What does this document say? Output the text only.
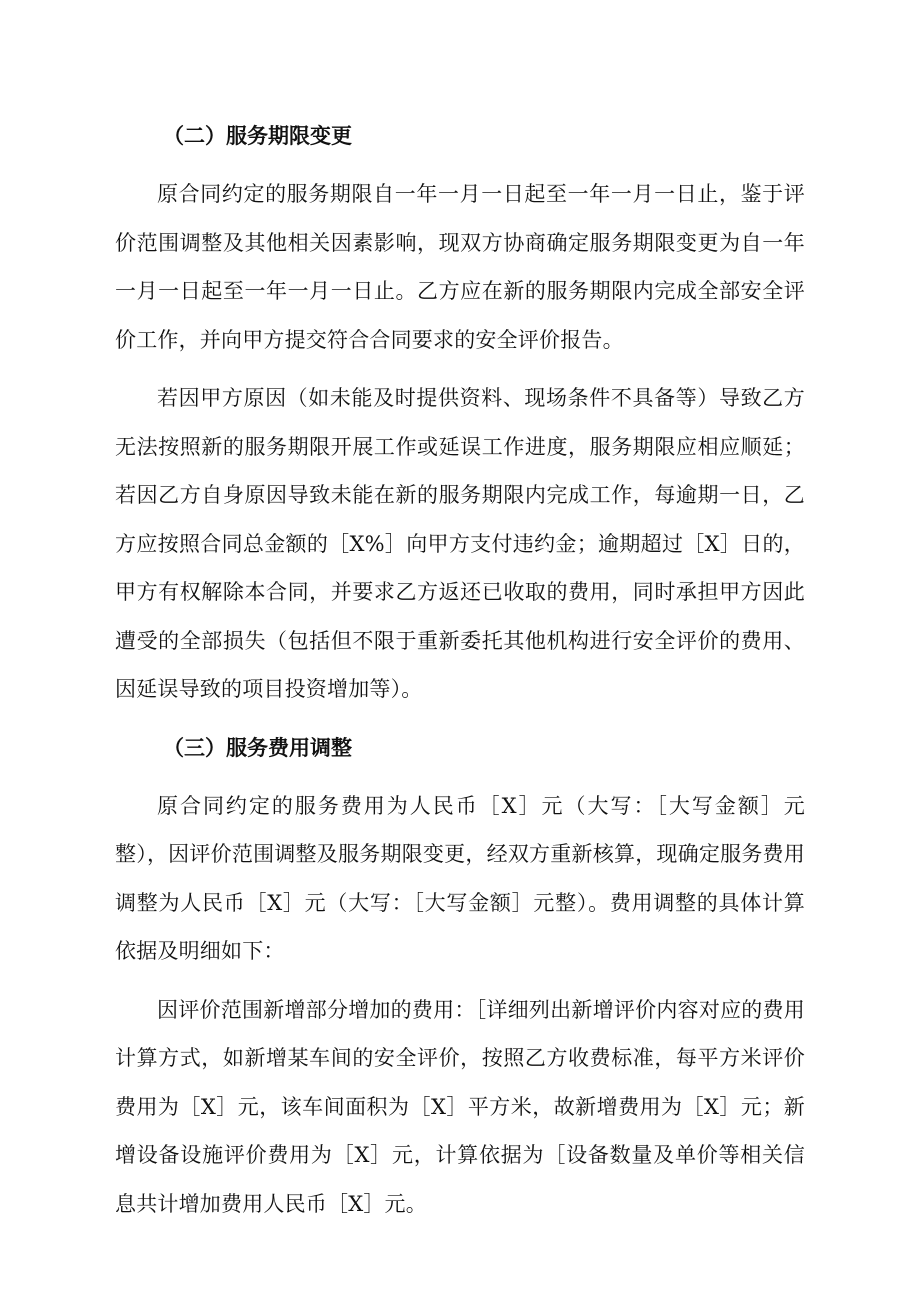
（二）服务期限变更

原合同约定的服务期限自一年一月一日起至一年一月一日止，鉴于评价范围调整及其他相关因素影响，现双方协商确定服务期限变更为自一年一月一日起至一年一月一日止。乙方应在新的服务期限内完成全部安全评价工作，并向甲方提交符合合同要求的安全评价报告。

若因甲方原因（如未能及时提供资料、现场条件不具备等）导致乙方无法按照新的服务期限开展工作或延误工作进度，服务期限应相应顺延；若因乙方自身原因导致未能在新的服务期限内完成工作，每逾期一日，乙方应按照合同总金额的［X%］向甲方支付违约金；逾期超过［X］日的，甲方有权解除本合同，并要求乙方返还已收取的费用，同时承担甲方因此遭受的全部损失（包括但不限于重新委托其他机构进行安全评价的费用、因延误导致的项目投资增加等）。

（三）服务费用调整

原合同约定的服务费用为人民币［X］元（大写：［大写金额］元整），因评价范围调整及服务期限变更，经双方重新核算，现确定服务费用调整为人民币［X］元（大写：［大写金额］元整）。费用调整的具体计算依据及明细如下：

因评价范围新增部分增加的费用：［详细列出新增评价内容对应的费用计算方式，如新增某车间的安全评价，按照乙方收费标准，每平方米评价费用为［X］元，该车间面积为［X］平方米，故新增费用为［X］元；新增设备设施评价费用为［X］元，计算依据为［设备数量及单价等相关信息共计增加费用人民币［X］元。
